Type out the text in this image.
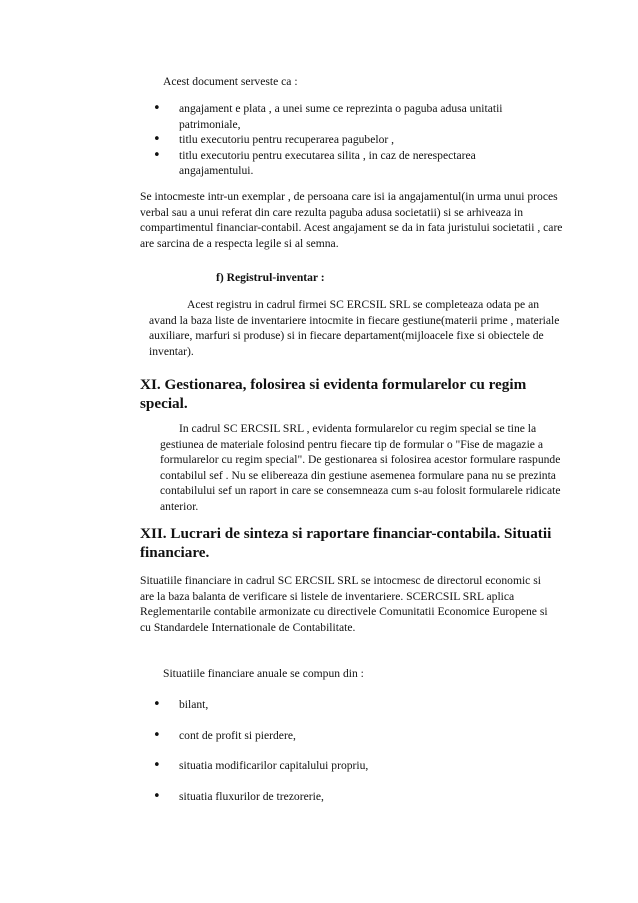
Acest document serveste ca :

• angajament e plata , a unei sume ce reprezinta o paguba adusa unitatii patrimoniale,
• titlu executoriu pentru recuperarea pagubelor ,
• titlu executoriu pentru executarea silita , in caz de nerespectarea angajamentului.

Se intocmeste intr-un exemplar , de persoana care isi ia angajamentul(in urma unui proces verbal sau a unui referat din care rezulta paguba adusa societatii) si se arhiveaza in compartimentul financiar-contabil. Acest angajament se da in fata juristului societatii , care are sarcina de a respecta legile si al semna.

f) Registrul-inventar :

Acest registru in cadrul firmei SC ERCSIL SRL se completeaza odata pe an avand la baza liste de inventariere intocmite in fiecare gestiune(materii prime , materiale auxiliare, marfuri si produse) si in fiecare departament(mijloacele fixe si obiectele de inventar).

XI. Gestionarea, folosirea si evidenta formularelor cu regim special.

In cadrul SC ERCSIL SRL , evidenta formularelor cu regim special se tine la gestiunea de materiale folosind pentru fiecare tip de formular o "Fise de magazie a formularelor cu regim special". De gestionarea si folosirea acestor formulare raspunde contabilul sef . Nu se elibereaza din gestiune asemenea formulare pana nu se prezinta contabilului sef un raport in care se consemneaza cum s-au folosit formularele ridicate anterior.

XII. Lucrari de sinteza si raportare financiar-contabila. Situatii financiare.

Situatiile financiare in cadrul SC ERCSIL SRL se intocmesc de directorul economic si are la baza balanta de verificare si listele de inventariere. SCERCSIL SRL aplica Reglementarile contabile armonizate cu directivele Comunitatii Economice Europene si cu Standardele Internationale de Contabilitate.

Situatiile financiare anuale se compun din :

• bilant,
• cont de profit si pierdere,
• situatia modificarilor capitalului propriu,
• situatia fluxurilor de trezorerie,
